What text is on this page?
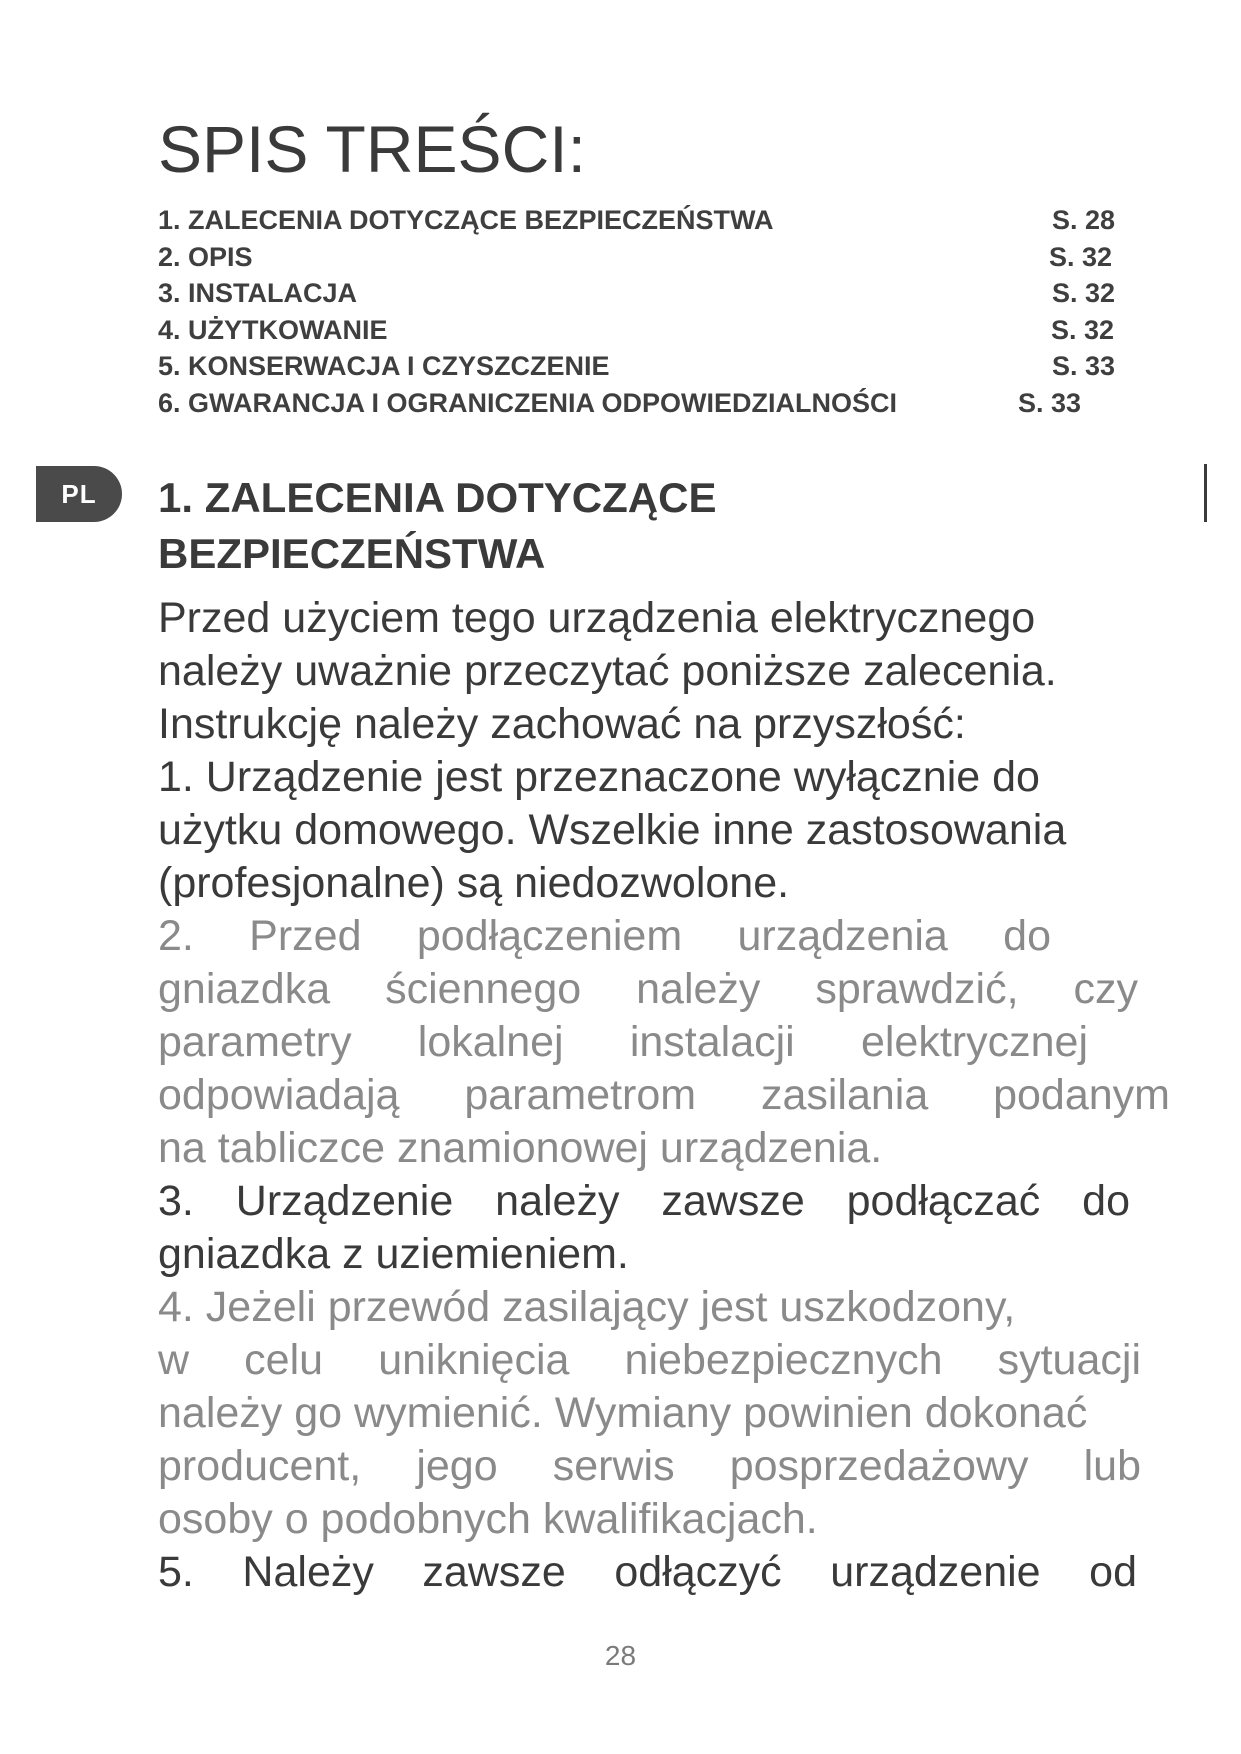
SPIS TREŚCI:
1. ZALECENIA DOTYCZĄCE BEZPIECZEŃSTWA	S. 28
2. OPIS	S. 32
3. INSTALACJA	S. 32
4. UŻYTKOWANIE	S. 32
5. KONSERWACJA I CZYSZCZENIE	S. 33
6. GWARANCJA I OGRANICZENIA ODPOWIEDZIALNOŚCI	S. 33
PL	1. ZALECENIA DOTYCZĄCE
BEZPIECZEŃSTWA
Przed użyciem tego urządzenia elektrycznego
należy uważnie przeczytać poniższe zalecenia.
Instrukcję należy zachować na przyszłość:
1. Urządzenie jest przeznaczone wyłącznie do
użytku domowego. Wszelkie inne zastosowania
(profesjonalne) są niedozwolone.
2. Przed podłączeniem urządzenia do
gniazdka ściennego należy sprawdzić, czy
parametry lokalnej instalacji elektrycznej
odpowiadają parametrom zasilania podanym
na tabliczce znamionowej urządzenia.
3. Urządzenie należy zawsze podłączać do
gniazdka z uziemieniem.
4. Jeżeli przewód zasilający jest uszkodzony,
w celu uniknięcia niebezpiecznych sytuacji
należy go wymienić. Wymiany powinien dokonać
producent, jego serwis posprzedażowy lub
osoby o podobnych kwalifikacjach.
5. Należy zawsze odłączyć urządzenie od
28
